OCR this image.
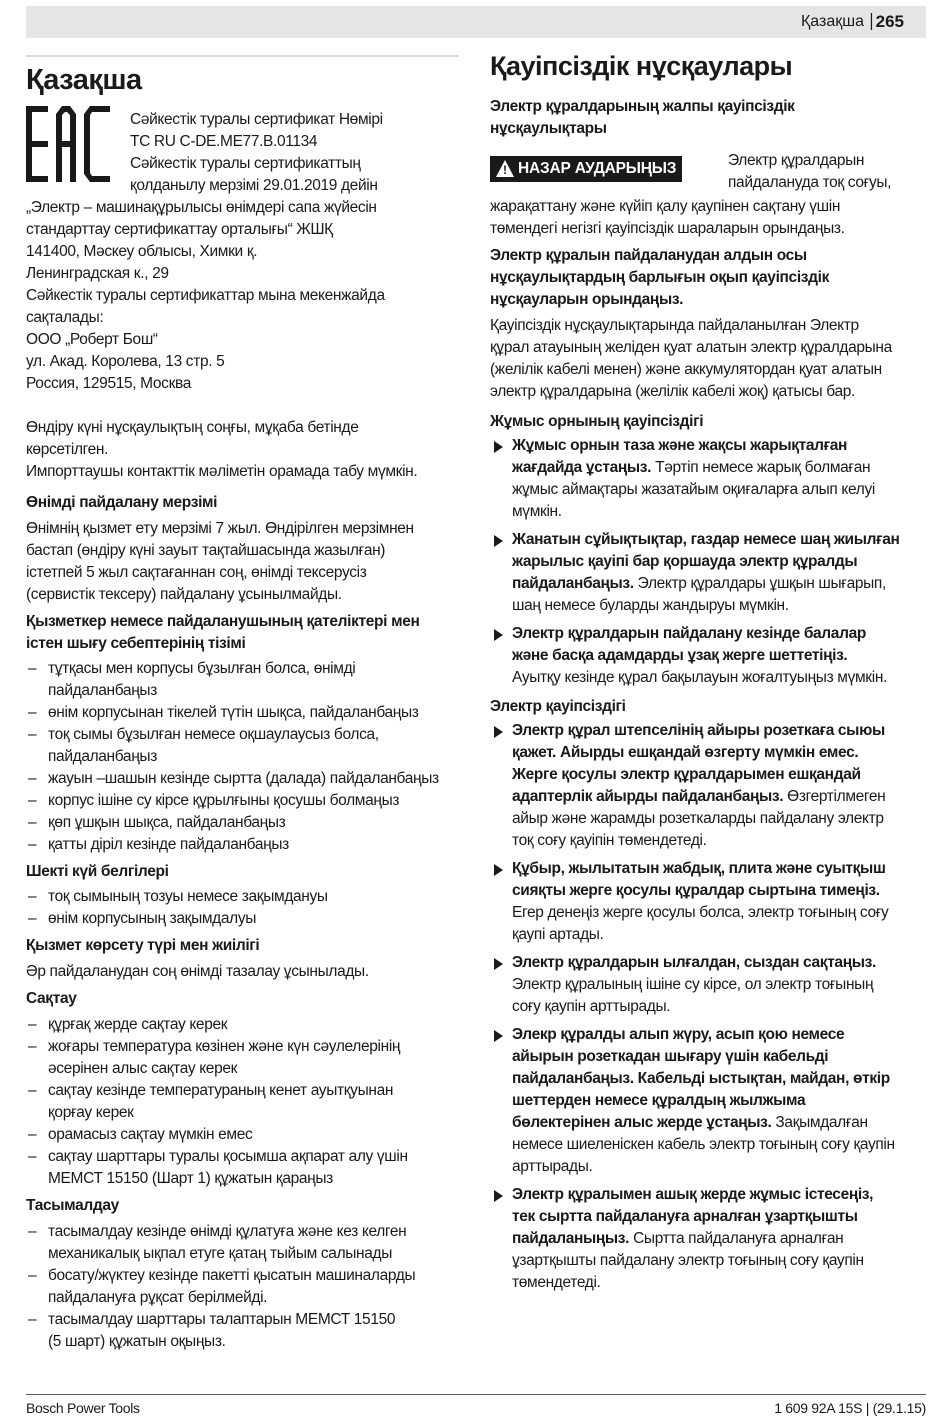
Қазақша | 265
Қазақша
Сәйкестік туралы сертификат Нөмірі
TC RU C-DE.ME77.B.01134
Сәйкестік туралы сертификаттың
қолданылу мерзімі 29.01.2019 дейін
„Электр – машинақұрылысы өнімдері сапа жүйесін
стандарттау сертификаттау орталығы“ ЖШҚ
141400, Мәскеу облысы, Химки қ.
Ленинградская к., 29
Сәйкестік туралы сертификаттар мына мекенжайда
сақталады:
ООО „Роберт Бош“
ул. Акад. Королева, 13 стр. 5
Россия, 129515, Москва
Өндіру күні нұсқаулықтың соңғы, мұқаба бетінде
көрсетілген.
Импорттаушы контакттік мәліметін орамада табу мүмкін.
Өнімді пайдалану мерзімі
Өнімнің қызмет ету мерзімі 7 жыл. Өндірілген мерзімнен
бастап (өндіру күні зауыт тақтайшасында жазылған)
істетпей 5 жыл сақтағаннан соң, өнімді тексерусіз
(сервистік тексеру) пайдалану ұсынылмайды.
Қызметкер немесе пайдаланушының қателіктері мен
істен шығу себептерінің тізімі
– тұтқасы мен корпусы бұзылған болса, өнімді
пайдаланбаңыз
– өнім корпусынан тікелей түтін шықса, пайдаланбаңыз
– тоқ сымы бұзылған немесе оқшаулаусыз болса,
пайдаланбаңыз
– жауын –шашын кезінде сыртта (далада) пайдаланбаңыз
– корпус ішіне су кірсе құрылғыны қосушы болмаңыз
– қөп ұшқын шықса, пайдаланбаңыз
– қатты діріл кезінде пайдаланбаңыз
Шекті күй белгілері
– тоқ сымының тозуы немесе зақымдануы
– өнім корпусының зақымдалуы
Қызмет көрсету түрі мен жиілігі
Әр пайдаланудан соң өнімді тазалау ұсынылады.
Сақтау
– құрғақ жерде сақтау керек
– жоғары температура көзінен және күн сәулелерінің
әсерінен алыс сақтау керек
– сақтау кезінде температураның кенет ауытқуынан
қорғау керек
– орамасыз сақтау мүмкін емес
– сақтау шарттары туралы қосымша ақпарат алу үшін
МЕМСТ 15150 (Шарт 1) құжатын қараңыз
Тасымалдау
– тасымалдау кезінде өнімді құлатуға және кез келген
механикалық ықпал етуге қатаң тыйым салынады
– босату/жүктеу кезінде пакетті қысатын машиналарды
пайдалануға рұқсат берілмейді.
– тасымалдау шарттары талаптарын МЕМСТ 15150
(5 шарт) құжатын оқыңыз.
Қауіпсіздік нұсқаулары
Электр құралдарының жалпы қауіпсіздік
нұсқаулықтары
! НАЗАР АУДАРЫҢЫЗ	Электр құралдарын
пайдалануда тоқ соғуы,
жарақаттану және күйіп қалу қаупінен сақтану үшін
төмендегі негізгі қауіпсіздік шараларын орындаңыз.
Электр құралын пайдаланудан алдын осы
нұсқаулықтардың барлығын оқып қауіпсіздік
нұсқауларын орындаңыз.
Қауіпсіздік нұсқаулықтарында пайдаланылған Электр
құрал атауының желіден қуат алатын электр құралдарына
(желілік кабелі менен) және аккумулятордан қуат алатын
электр құралдарына (желілік кабелі жоқ) қатысы бар.
Жұмыс орнының қауіпсіздігі
Жұмыс орнын таза және жақсы жарықталған
жағдайда ұстаңыз. Тәртіп немесе жарық болмаған
жұмыс аймақтары жазатайым оқиғаларға алып келуі
мүмкін.
Жанатын сұйықтықтар, газдар немесе шаң жиылған
жарылыс қауіпі бар қоршауда электр құралды
пайдаланбаңыз. Электр құралдары ұшқын шығарып,
шаң немесе буларды жандыруы мүмкін.
Электр құралдарын пайдалану кезінде балалар
және басқа адамдарды ұзақ жерге шеттетіңіз.
Ауытқу кезінде құрал бақылауын жоғалтуыңыз мүмкін.
Электр қауіпсіздігі
Электр құрал штепселінің айыры розеткаға сыюы
қажет. Айырды ешқандай өзгерту мүмкін емес.
Жерге қосулы электр құралдарымен ешқандай
адаптерлік айырды пайдаланбаңыз. Өзгертілмеген
айыр және жарамды розеткаларды пайдалану электр
тоқ соғу қауіпін төмендетеді.
Құбыр, жылытатын жабдық, плита және суытқыш
сияқты жерге қосулы құралдар сыртына тимеңіз.
Егер денеңіз жерге қосулы болса, электр тоғының соғу
қаупі артады.
Электр құралдарын ылғалдан, сыздан сақтаңыз.
Электр құралының ішіне су кірсе, ол электр тоғының
соғу қаупін арттырады.
Элекр құралды алып жүру, асып қою немесе
айырын розеткадан шығару үшін кабельді
пайдаланбаңыз. Кабельді ыстықтан, майдан, өткір
шеттерден немесе құралдың жылжыма
бөлектерінен алыс жерде ұстаңыз. Зақымдалған
немесе шиеленіскен кабель электр тоғының соғу қаупін
арттырады.
Электр құралымен ашық жерде жұмыс істесеңіз,
тек сыртта пайдалануға арналған ұзартқышты
пайдаланыңыз. Сыртта пайдалануға арналған
ұзартқышты пайдалану электр тоғының соғу қаупін
төмендетеді.
Bosch Power Tools	1 609 92A 15S | (29.1.15)
